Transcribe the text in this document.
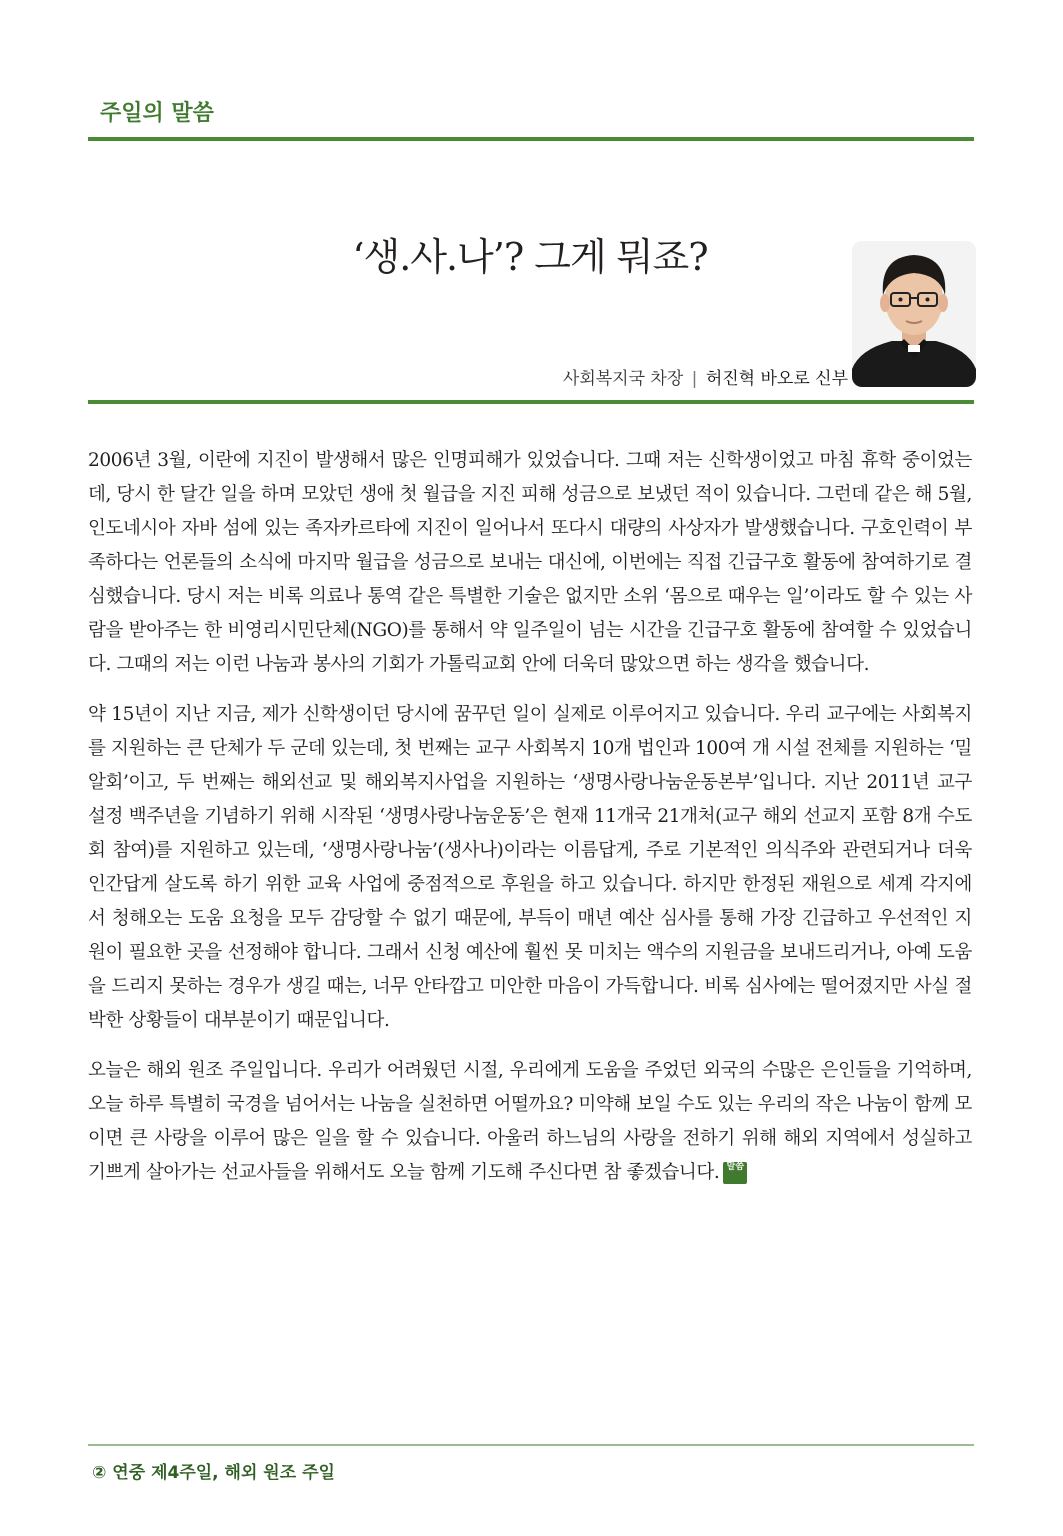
주일의 말씀
‘생.사.나’? 그게 뭐죠?
사회복지국 차장 | 허진혁 바오로 신부

2006년 3월, 이란에 지진이 발생해서 많은 인명피해가 있었습니다. 그때 저는 신학생이었고 마침 휴학 중이었는데, 당시 한 달간 일을 하며 모았던 생애 첫 월급을 지진 피해 성금으로 보냈던 적이 있습니다. 그런데 같은 해 5월, 인도네시아 자바 섬에 있는 족자카르타에 지진이 일어나서 또다시 대량의 사상자가 발생했습니다. 구호인력이 부족하다는 언론들의 소식에 마지막 월급을 성금으로 보내는 대신에, 이번에는 직접 긴급구호 활동에 참여하기로 결심했습니다. 당시 저는 비록 의료나 통역 같은 특별한 기술은 없지만 소위 ‘몸으로 때우는 일’이라도 할 수 있는 사람을 받아주는 한 비영리시민단체(NGO)를 통해서 약 일주일이 넘는 시간을 긴급구호 활동에 참여할 수 있었습니다. 그때의 저는 이런 나눔과 봉사의 기회가 가톨릭교회 안에 더욱더 많았으면 하는 생각을 했습니다.

약 15년이 지난 지금, 제가 신학생이던 당시에 꿈꾸던 일이 실제로 이루어지고 있습니다. 우리 교구에는 사회복지를 지원하는 큰 단체가 두 군데 있는데, 첫 번째는 교구 사회복지 10개 법인과 100여 개 시설 전체를 지원하는 ‘밀알회’이고, 두 번째는 해외선교 및 해외복지사업을 지원하는 ‘생명사랑나눔운동본부’입니다. 지난 2011년 교구 설정 백주년을 기념하기 위해 시작된 ‘생명사랑나눔운동’은 현재 11개국 21개처(교구 해외 선교지 포함 8개 수도회 참여)를 지원하고 있는데, ‘생명사랑나눔’(생사나)이라는 이름답게, 주로 기본적인 의식주와 관련되거나 더욱 인간답게 살도록 하기 위한 교육 사업에 중점적으로 후원을 하고 있습니다. 하지만 한정된 재원으로 세계 각지에서 청해오는 도움 요청을 모두 감당할 수 없기 때문에, 부득이 매년 예산 심사를 통해 가장 긴급하고 우선적인 지원이 필요한 곳을 선정해야 합니다. 그래서 신청 예산에 훨씬 못 미치는 액수의 지원금을 보내드리거나, 아예 도움을 드리지 못하는 경우가 생길 때는, 너무 안타깝고 미안한 마음이 가득합니다. 비록 심사에는 떨어졌지만 사실 절박한 상황들이 대부분이기 때문입니다.

오늘은 해외 원조 주일입니다. 우리가 어려웠던 시절, 우리에게 도움을 주었던 외국의 수많은 은인들을 기억하며, 오늘 하루 특별히 국경을 넘어서는 나눔을 실천하면 어떨까요? 미약해 보일 수도 있는 우리의 작은 나눔이 함께 모이면 큰 사랑을 이루어 많은 일을 할 수 있습니다. 아울러 하느님의 사랑을 전하기 위해 해외 지역에서 성실하고 기쁘게 살아가는 선교사들을 위해서도 오늘 함께 기도해 주신다면 참 좋겠습니다. 말씀

② 연중 제4주일, 해외 원조 주일
